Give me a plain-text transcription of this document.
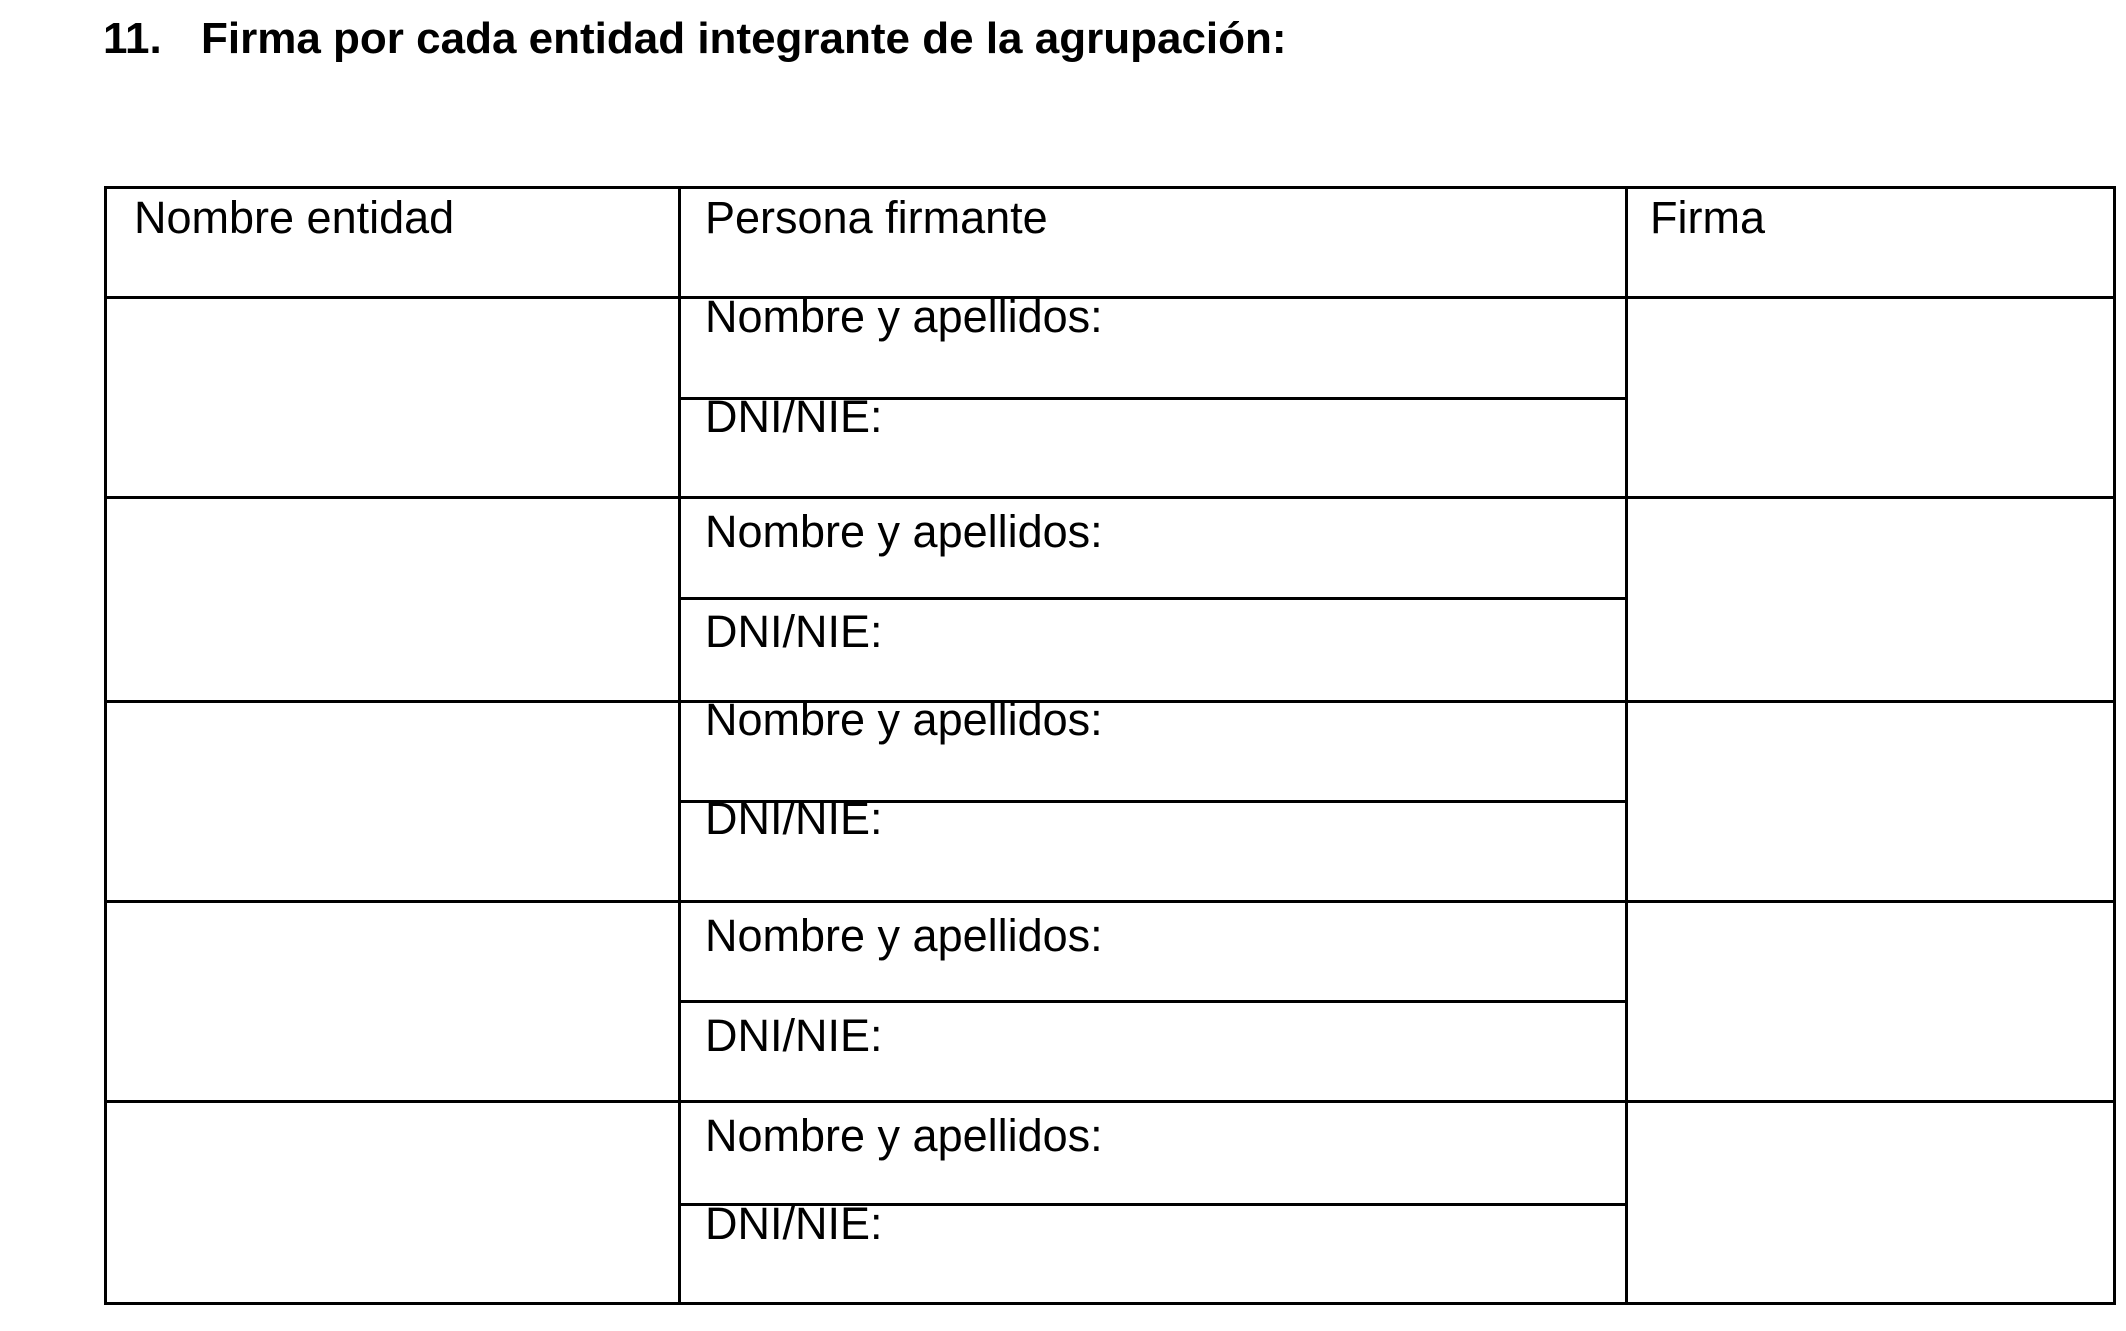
11. Firma por cada entidad integrante de la agrupación:
Nombre entidad	Persona firmante	Firma
Nombre y apellidos:
DNI/NIE:
Nombre y apellidos:
DNI/NIE:
Nombre y apellidos:
DNI/NIE:
Nombre y apellidos:
DNI/NIE:
Nombre y apellidos:
DNI/NIE:
